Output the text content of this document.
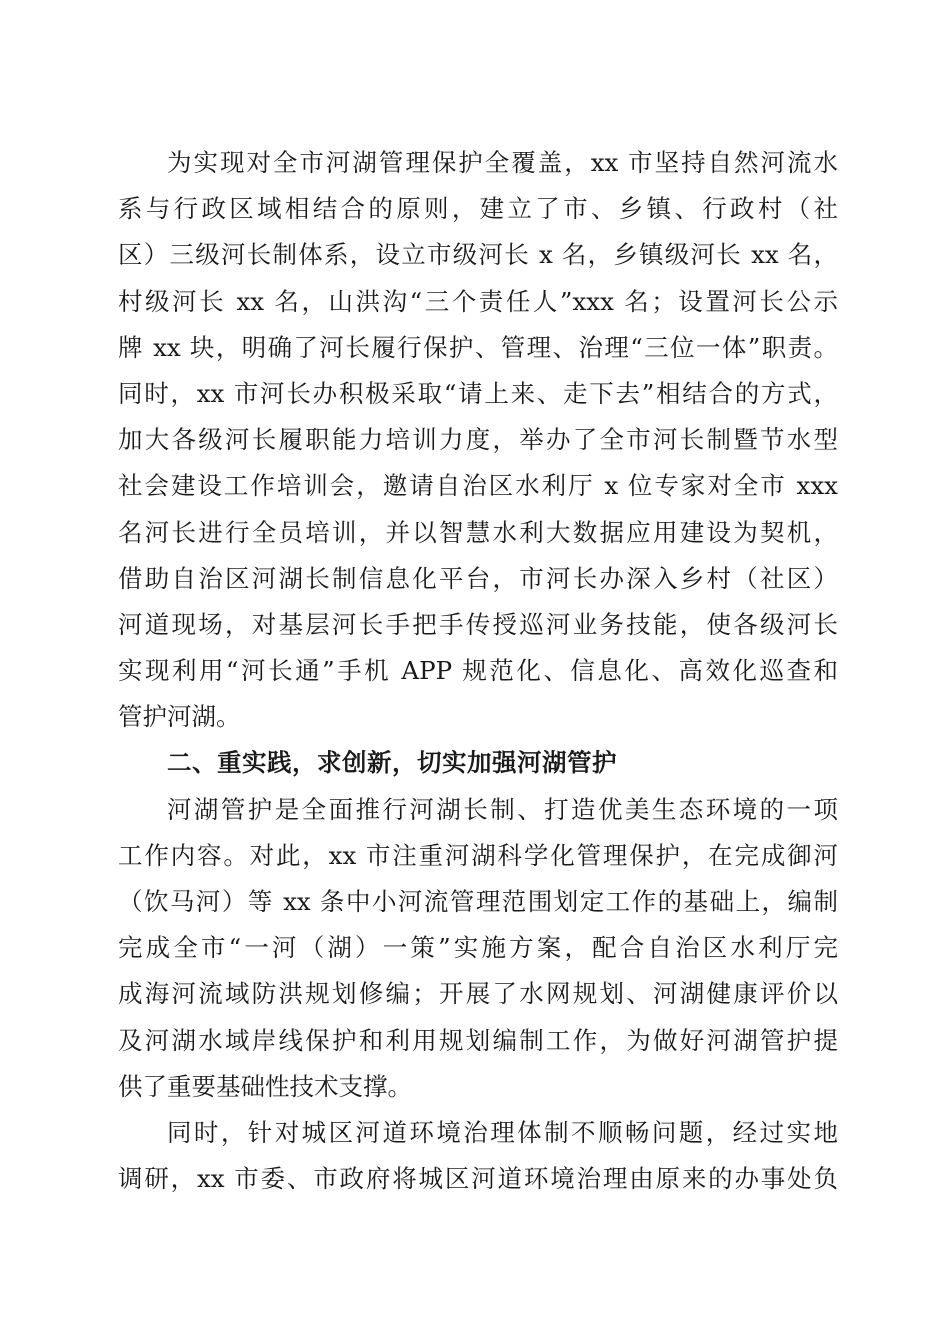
为实现对全市河湖管理保护全覆盖，xx 市坚持自然河流水
系与行政区域相结合的原则，建立了市、乡镇、行政村（社
区）三级河长制体系，设立市级河长 x 名，乡镇级河长 xx 名，
村级河长 xx 名，山洪沟“三个责任人”xxx 名；设置河长公示
牌 xx 块，明确了河长履行保护、管理、治理“三位一体”职责。
同时，xx 市河长办积极采取“请上来、走下去”相结合的方式，
加大各级河长履职能力培训力度，举办了全市河长制暨节水型
社会建设工作培训会，邀请自治区水利厅 x 位专家对全市 xxx
名河长进行全员培训，并以智慧水利大数据应用建设为契机，
借助自治区河湖长制信息化平台，市河长办深入乡村（社区）
河道现场，对基层河长手把手传授巡河业务技能，使各级河长
实现利用“河长通”手机 APP 规范化、信息化、高效化巡查和
管护河湖。
二、重实践，求创新，切实加强河湖管护
河湖管护是全面推行河湖长制、打造优美生态环境的一项
工作内容。对此，xx 市注重河湖科学化管理保护，在完成御河
（饮马河）等 xx 条中小河流管理范围划定工作的基础上，编制
完成全市“一河（湖）一策”实施方案，配合自治区水利厅完
成海河流域防洪规划修编；开展了水网规划、河湖健康评价以
及河湖水域岸线保护和利用规划编制工作，为做好河湖管护提
供了重要基础性技术支撑。
同时，针对城区河道环境治理体制不顺畅问题，经过实地
调研，xx 市委、市政府将城区河道环境治理由原来的办事处负
